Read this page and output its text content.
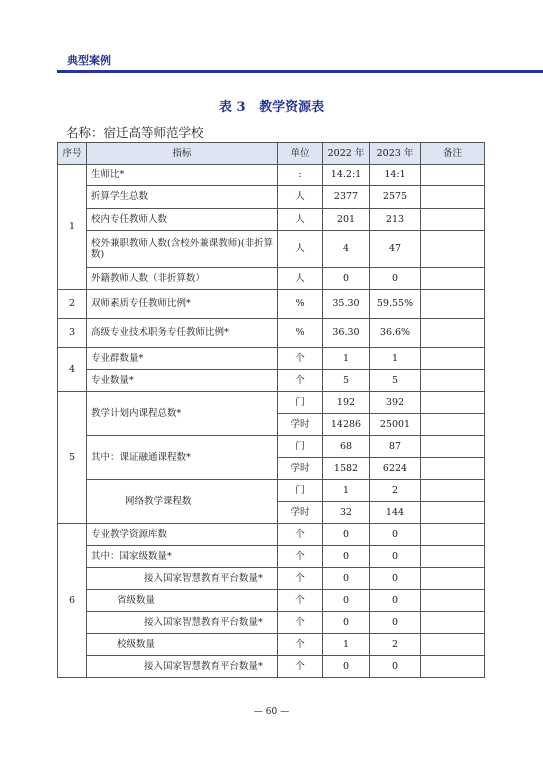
典型案例
表 3   教学资源表
名称：宿迁高等师范学校
序号	指标	单位	2022 年	2023 年	备注
1	生师比*	:	14.2:1	14:1	
	折算学生总数	人	2377	2575	
	校内专任教师人数	人	201	213	
	校外兼职教师人数(含校外兼课教师)(非折算数)	人	4	47	
	外籍教师人数（非折算数）	人	0	0	
2	双师素质专任教师比例*	%	35.30	59.55%	
3	高级专业技术职务专任教师比例*	%	36.30	36.6%	
4	专业群数量*	个	1	1	
	专业数量*	个	5	5	
5	教学计划内课程总数*	门	192	392	
		学时	14286	25001	
	其中：课证融通课程数*	门	68	87	
		学时	1582	6224	
	网络教学课程数	门	1	2	
		学时	32	144	
6	专业教学资源库数	个	0	0	
	其中：国家级数量*	个	0	0	
	接入国家智慧教育平台数量*	个	0	0	
	省级数量	个	0	0	
	接入国家智慧教育平台数量*	个	0	0	
	校级数量	个	1	2	
	接入国家智慧教育平台数量*	个	0	0	
— 60 —
